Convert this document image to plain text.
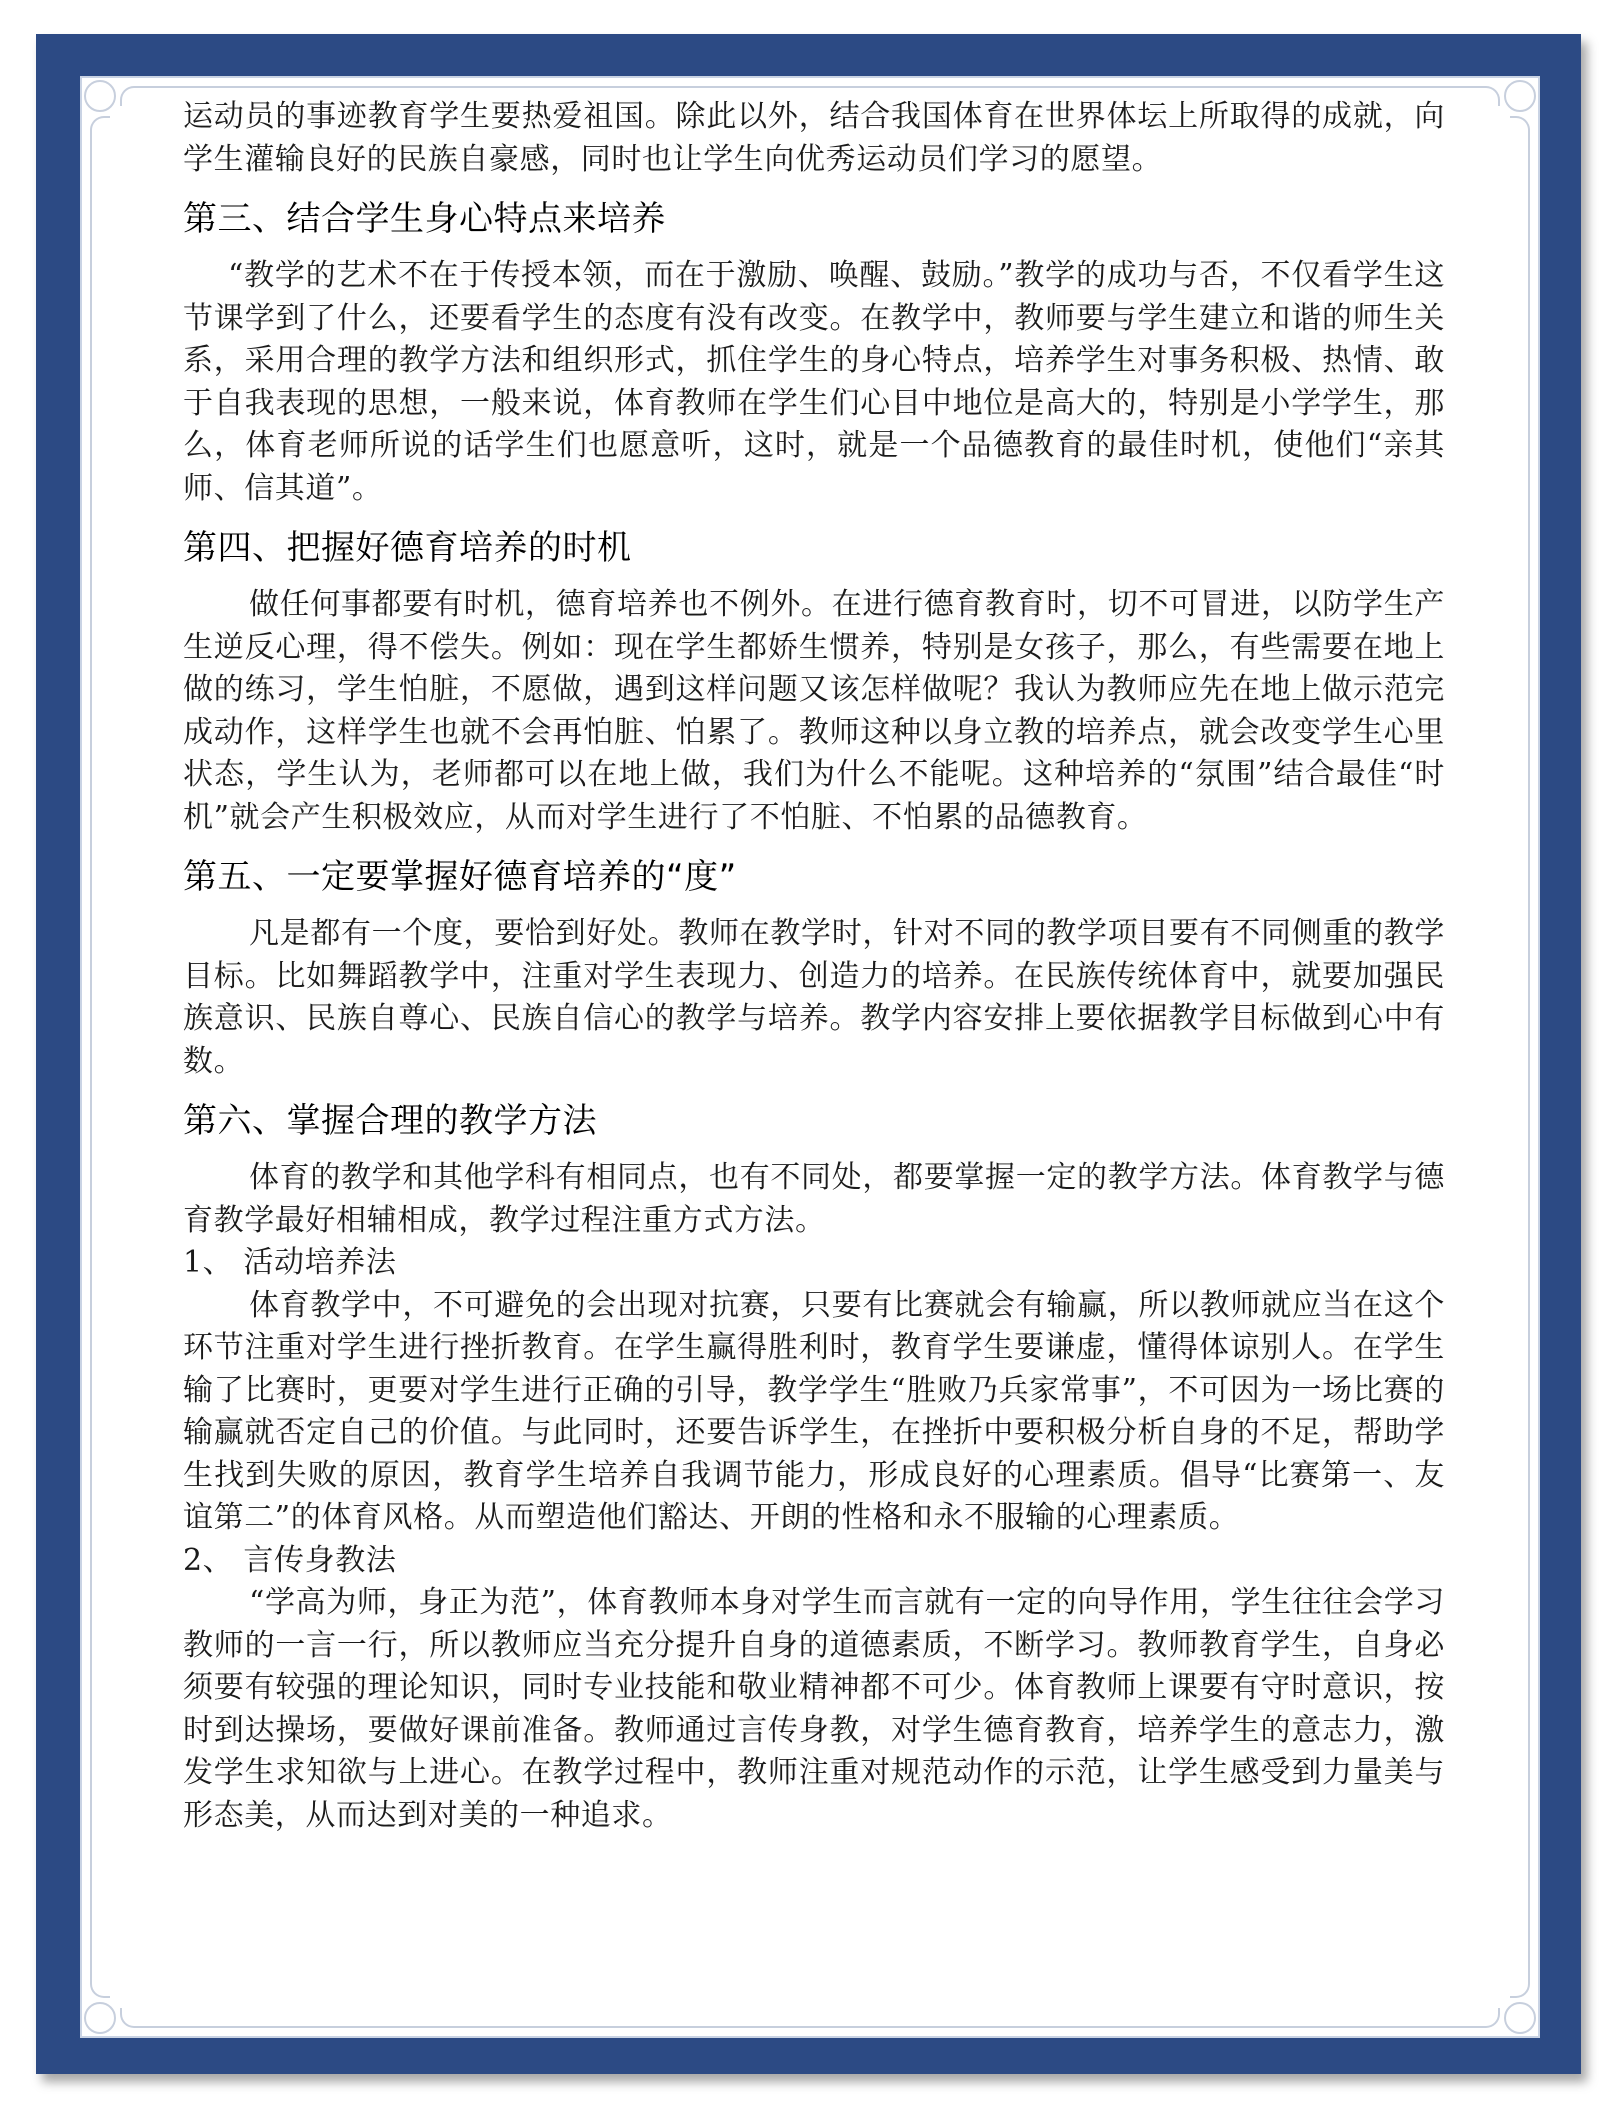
运动员的事迹教育学生要热爱祖国。除此以外，结合我国体育在世界体坛上所取得的成就，向学生灌输良好的民族自豪感，同时也让学生向优秀运动员们学习的愿望。

第三、结合学生身心特点来培养

“教学的艺术不在于传授本领，而在于激励、唤醒、鼓励。”教学的成功与否，不仅看学生这节课学到了什么，还要看学生的态度有没有改变。在教学中，教师要与学生建立和谐的师生关系，采用合理的教学方法和组织形式，抓住学生的身心特点，培养学生对事务积极、热情、敢于自我表现的思想，一般来说，体育教师在学生们心目中地位是高大的，特别是小学学生，那么，体育老师所说的话学生们也愿意听，这时，就是一个品德教育的最佳时机，使他们“亲其师、信其道”。

第四、把握好德育培养的时机

做任何事都要有时机，德育培养也不例外。在进行德育教育时，切不可冒进，以防学生产生逆反心理，得不偿失。例如：现在学生都娇生惯养，特别是女孩子，那么，有些需要在地上做的练习，学生怕脏，不愿做，遇到这样问题又该怎样做呢？我认为教师应先在地上做示范完成动作，这样学生也就不会再怕脏、怕累了。教师这种以身立教的培养点，就会改变学生心里状态，学生认为，老师都可以在地上做，我们为什么不能呢。这种培养的“氛围”结合最佳“时机”就会产生积极效应，从而对学生进行了不怕脏、不怕累的品德教育。

第五、一定要掌握好德育培养的“度”

凡是都有一个度，要恰到好处。教师在教学时，针对不同的教学项目要有不同侧重的教学目标。比如舞蹈教学中，注重对学生表现力、创造力的培养。在民族传统体育中，就要加强民族意识、民族自尊心、民族自信心的教学与培养。教学内容安排上要依据教学目标做到心中有数。

第六、掌握合理的教学方法

体育的教学和其他学科有相同点，也有不同处，都要掌握一定的教学方法。体育教学与德育教学最好相辅相成，教学过程注重方式方法。

1、 活动培养法

体育教学中，不可避免的会出现对抗赛，只要有比赛就会有输赢，所以教师就应当在这个环节注重对学生进行挫折教育。在学生赢得胜利时，教育学生要谦虚，懂得体谅别人。在学生输了比赛时，更要对学生进行正确的引导，教学学生“胜败乃兵家常事”，不可因为一场比赛的输赢就否定自己的价值。与此同时，还要告诉学生，在挫折中要积极分析自身的不足，帮助学生找到失败的原因，教育学生培养自我调节能力，形成良好的心理素质。倡导“比赛第一、友谊第二”的体育风格。从而塑造他们豁达、开朗的性格和永不服输的心理素质。

2、 言传身教法

“学高为师，身正为范”，体育教师本身对学生而言就有一定的向导作用，学生往往会学习教师的一言一行，所以教师应当充分提升自身的道德素质，不断学习。教师教育学生，自身必须要有较强的理论知识，同时专业技能和敬业精神都不可少。体育教师上课要有守时意识，按时到达操场，要做好课前准备。教师通过言传身教，对学生德育教育，培养学生的意志力，激发学生求知欲与上进心。在教学过程中，教师注重对规范动作的示范，让学生感受到力量美与形态美，从而达到对美的一种追求。
